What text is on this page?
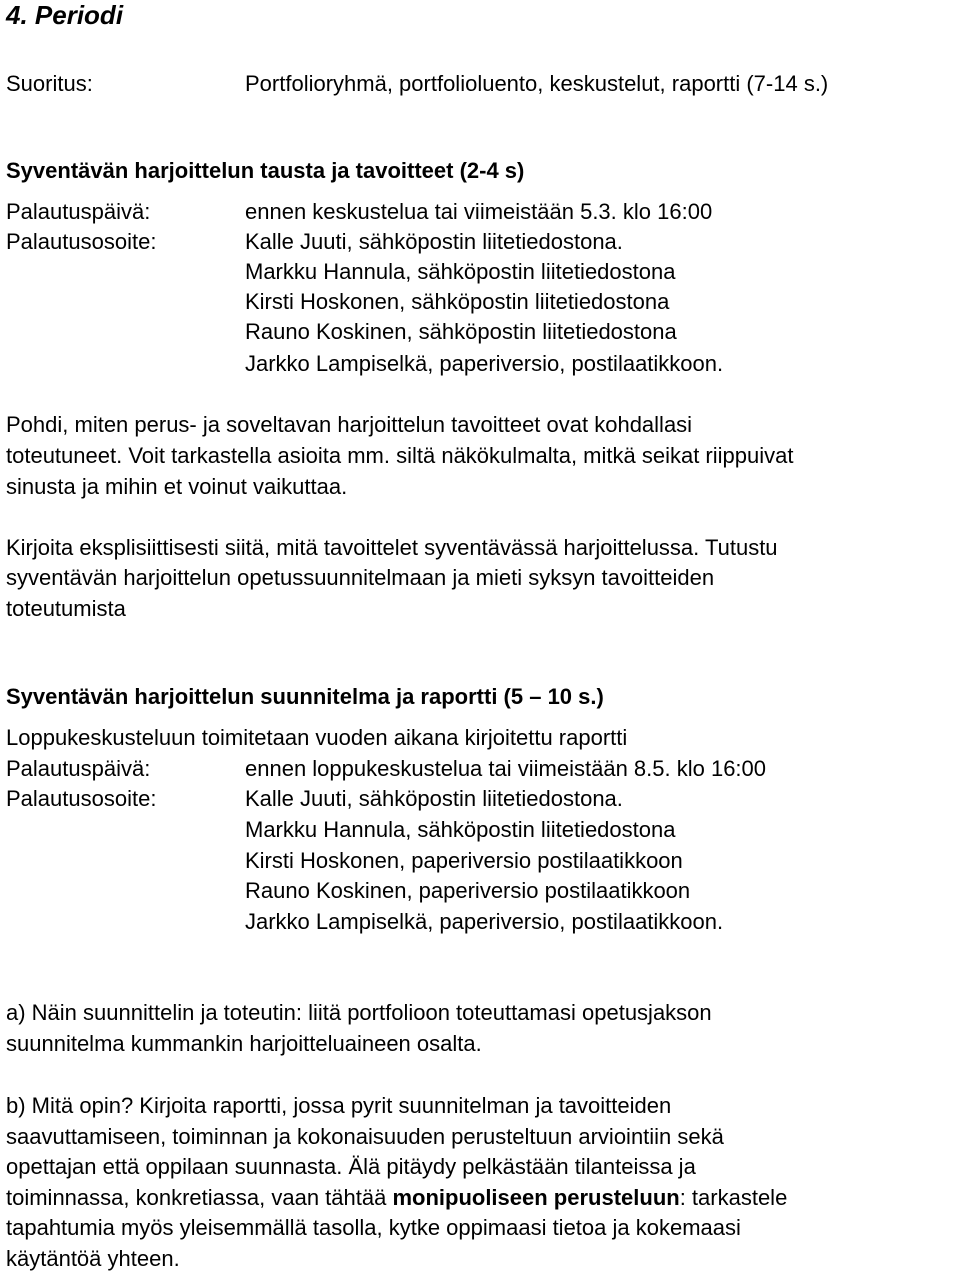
4. Periodi
Suoritus:	Portfolioryhmä, portfolioluento, keskustelut, raportti (7-14 s.)
Syventävän harjoittelun tausta ja tavoitteet (2-4 s)
Palautuspäivä:	ennen keskustelua tai viimeistään 5.3. klo 16:00
Palautusosoite:	Kalle Juuti, sähköpostin liitetiedostona.
Markku Hannula, sähköpostin liitetiedostona
Kirsti Hoskonen, sähköpostin liitetiedostona
Rauno Koskinen, sähköpostin liitetiedostona
Jarkko Lampiselkä, paperiversio, postilaatikkoon.
Pohdi, miten perus- ja soveltavan harjoittelun tavoitteet ovat kohdallasi
toteutuneet. Voit tarkastella asioita mm. siltä näkökulmalta, mitkä seikat riippuivat
sinusta ja mihin et voinut vaikuttaa.
Kirjoita eksplisiittisesti siitä, mitä tavoittelet syventävässä harjoittelussa. Tutustu
syventävän harjoittelun opetussuunnitelmaan ja mieti syksyn tavoitteiden
toteutumista
Syventävän harjoittelun suunnitelma ja raportti (5 – 10 s.)
Loppukeskusteluun toimitetaan vuoden aikana kirjoitettu raportti
Palautuspäivä:	ennen loppukeskustelua tai viimeistään 8.5. klo 16:00
Palautusosoite:	Kalle Juuti, sähköpostin liitetiedostona.
Markku Hannula, sähköpostin liitetiedostona
Kirsti Hoskonen, paperiversio postilaatikkoon
Rauno Koskinen, paperiversio postilaatikkoon
Jarkko Lampiselkä, paperiversio, postilaatikkoon.
a) Näin suunnittelin ja toteutin: liitä portfolioon toteuttamasi opetusjakson
suunnitelma kummankin harjoitteluaineen osalta.
b) Mitä opin? Kirjoita raportti, jossa pyrit suunnitelman ja tavoitteiden
saavuttamiseen, toiminnan ja kokonaisuuden perusteltuun arviointiin sekä
opettajan että oppilaan suunnasta. Älä pitäydy pelkästään tilanteissa ja
toiminnassa, konkretiassa, vaan tähtää monipuoliseen perusteluun: tarkastele
tapahtumia myös yleisemmällä tasolla, kytke oppimaasi tietoa ja kokemaasi
käytäntöä yhteen.
